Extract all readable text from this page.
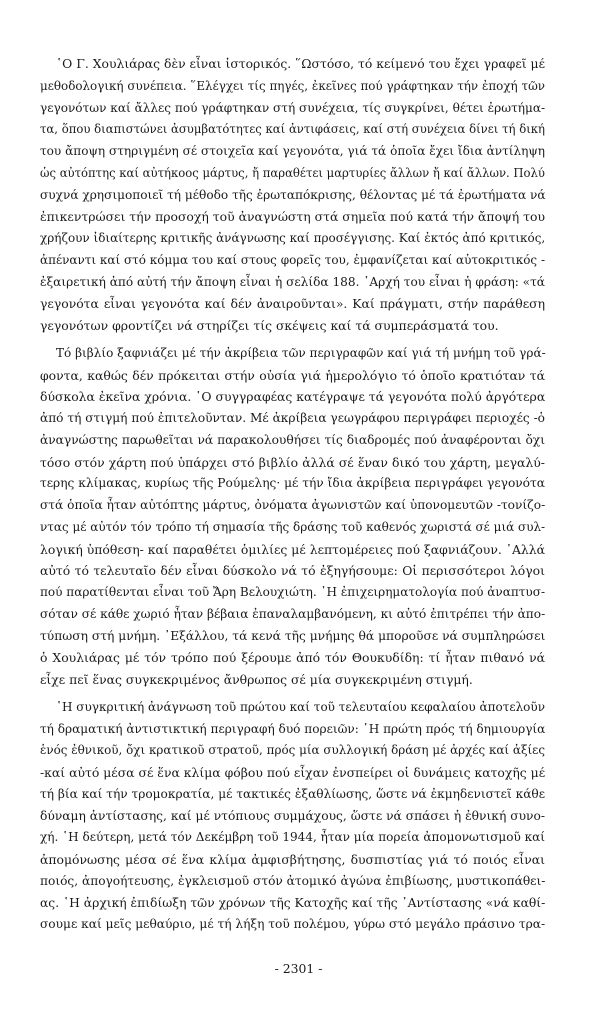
῾Ο Γ. Χουλιάρας δὲν εἶναι ἱστορικός. ῞Ωστόσο, τό κείμενό του ἔχει γραφεῖ μέ
μεθοδολογική συνέπεια. ῞Ελέγχει τίς πηγές, ἐκεῖνες πού γράφτηκαν τήν ἐποχή τῶν
γεγονότων καί ἄλλες πού γράφτηκαν στή συνέχεια, τίς συγκρίνει, θέτει ἐρωτήμα-
τα, ὅπου διαπιστώνει ἀσυμβατότητες καί ἀντιφάσεις, καί στή συνέχεια δίνει τή δική
του ἄποψη στηριγμένη σέ στοιχεῖα καί γεγονότα, γιά τά ὁποῖα ἔχει ἴδια ἀντίληψη
ὡς αὐτόπτης καί αὐτήκοος μάρτυς, ἤ παραθέτει μαρτυρίες ἄλλων ἤ καί ἄλλων. Πολύ
συχνά χρησιμοποιεῖ τή μέθοδο τῆς ἐρωταπόκρισης, θέλοντας μέ τά ἐρωτήματα νά
ἐπικεντρώσει τήν προσοχή τοῦ ἀναγνώστη στά σημεῖα πού κατά τήν ἄποψή του
χρήζουν ἰδιαίτερης κριτικῆς ἀνάγνωσης καί προσέγγισης. Καί ἐκτός ἀπό κριτικός,
ἀπέναντι καί στό κόμμα του καί στους φορεῖς του, ἐμφανίζεται καί αὐτοκριτικός -
ἐξαιρετική ἀπό αὐτή τήν ἄποψη εἶναι ἡ σελίδα 188. ᾿Αρχή του εἶναι ἡ φράση: «τά
γεγονότα εἶναι γεγονότα καί δέν ἀναιροῦνται». Καί πράγματι, στήν παράθεση
γεγονότων φροντίζει νά στηρίζει τίς σκέψεις καί τά συμπεράσματά του.
Τό βιβλίο ξαφνιάζει μέ τήν ἀκρίβεια τῶν περιγραφῶν καί γιά τή μνήμη τοῦ γρά-
φοντα, καθώς δέν πρόκειται στήν οὐσία γιά ἡμερολόγιο τό ὁποῖο κρατιόταν τά
δύσκολα ἐκεῖνα χρόνια. ῾Ο συγγραφέας κατέγραψε τά γεγονότα πολύ ἀργότερα
ἀπό τή στιγμή πού ἐπιτελοῦνταν. Μέ ἀκρίβεια γεωγράφου περιγράφει περιοχές -ὁ
ἀναγνώστης παρωθεῖται νά παρακολουθήσει τίς διαδρομές πού ἀναφέρονται ὄχι
τόσο στόν χάρτη πού ὑπάρχει στό βιβλίο ἀλλά σέ ἕναν δικό του χάρτη, μεγαλύ-
τερης κλίμακας, κυρίως τῆς Ρούμελης· μέ τήν ἴδια ἀκρίβεια περιγράφει γεγονότα
στά ὁποῖα ἦταν αὐτόπτης μάρτυς, ὀνόματα ἀγωνιστῶν καί ὑπονομευτῶν -τονίζο-
ντας μέ αὐτόν τόν τρόπο τή σημασία τῆς δράσης τοῦ καθενός χωριστά σέ μιά συλ-
λογική ὑπόθεση- καί παραθέτει ὁμιλίες μέ λεπτομέρειες πού ξαφνιάζουν. ᾿Αλλά
αὐτό τό τελευταῖο δέν εἶναι δύσκολο νά τό ἐξηγήσουμε: Οἱ περισσότεροι λόγοι
πού παρατίθενται εἶναι τοῦ Ἄρη Βελουχιώτη. ῾Η ἐπιχειρηματολογία πού ἀναπτυσ-
σόταν σέ κάθε χωριό ἦταν βέβαια ἐπαναλαμβανόμενη, κι αὐτό ἐπιτρέπει τήν ἀπο-
τύπωση στή μνήμη. ᾿Εξάλλου, τά κενά τῆς μνήμης θά μποροῦσε νά συμπληρώσει
ὁ Χουλιάρας μέ τόν τρόπο πού ξέρουμε ἀπό τόν Θουκυδίδη: τί ἦταν πιθανό νά
εἶχε πεῖ ἕνας συγκεκριμένος ἄνθρωπος σέ μία συγκεκριμένη στιγμή.
῾Η συγκριτική ἀνάγνωση τοῦ πρώτου καί τοῦ τελευταίου κεφαλαίου ἀποτελοῦν
τή δραματική ἀντιστικτική περιγραφή δυό πορειῶν: ῾Η πρώτη πρός τή δημιουργία
ἑνός ἐθνικοῦ, ὄχι κρατικοῦ στρατοῦ, πρός μία συλλογική δράση μέ ἀρχές καί ἀξίες
-καί αὐτό μέσα σέ ἕνα κλίμα φόβου πού εἶχαν ἐνσπείρει οἱ δυνάμεις κατοχῆς μέ
τή βία καί τήν τρομοκρατία, μέ τακτικές ἐξαθλίωσης, ὥστε νά ἐκμηδενιστεῖ κάθε
δύναμη ἀντίστασης, καί μέ ντόπιους συμμάχους, ὥστε νά σπάσει ἡ ἐθνική συνο-
χή. ῾Η δεύτερη, μετά τόν Δεκέμβρη τοῦ 1944, ἦταν μία πορεία ἀπομονωτισμοῦ καί
ἀπομόνωσης μέσα σέ ἕνα κλίμα ἀμφισβήτησης, δυσπιστίας γιά τό ποιός εἶναι
ποιός, ἀπογοήτευσης, ἐγκλεισμοῦ στόν ἀτομικό ἀγώνα ἐπιβίωσης, μυστικοπάθει-
ας. ῾Η ἀρχική ἐπιδίωξη τῶν χρόνων τῆς Κατοχῆς καί τῆς ᾿Αντίστασης «νά καθί-
σουμε καί μεῖς μεθαύριο, μέ τή λήξη τοῦ πολέμου, γύρω στό μεγάλο πράσινο τρα-
- 2301 -
